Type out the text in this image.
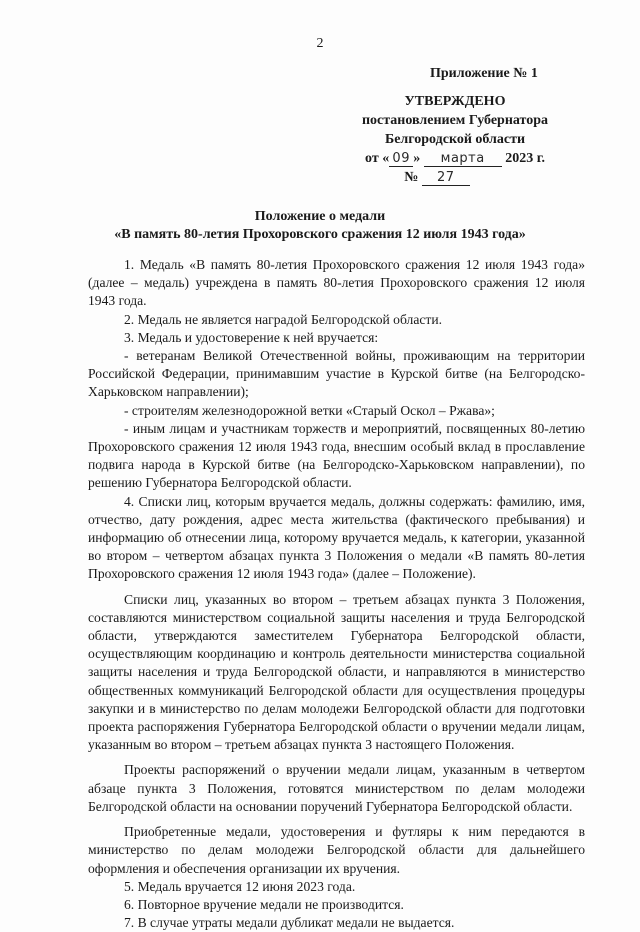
2
Приложение № 1
УТВЕРЖДЕНО
постановлением Губернатора
Белгородской области
от « 09 » марта 2023 г.
№ 27
Положение о медали
«В память 80-летия Прохоровского сражения 12 июля 1943 года»

1. Медаль «В память 80-летия Прохоровского сражения 12 июля 1943 года» (далее – медаль) учреждена в память 80-летия Прохоровского сражения 12 июля 1943 года.

2. Медаль не является наградой Белгородской области.

3. Медаль и удостоверение к ней вручается:

- ветеранам Великой Отечественной войны, проживающим на территории Российской Федерации, принимавшим участие в Курской битве (на Белгородско-Харьковском направлении);

- строителям железнодорожной ветки «Старый Оскол – Ржава»;

- иным лицам и участникам торжеств и мероприятий, посвященных 80-летию Прохоровского сражения 12 июля 1943 года, внесшим особый вклад в прославление подвига народа в Курской битве (на Белгородско-Харьковском направлении), по решению Губернатора Белгородской области.

4. Списки лиц, которым вручается медаль, должны содержать: фамилию, имя, отчество, дату рождения, адрес места жительства (фактического пребывания) и информацию об отнесении лица, которому вручается медаль, к категории, указанной во втором – четвертом абзацах пункта 3 Положения о медали «В память 80-летия Прохоровского сражения 12 июля 1943 года» (далее – Положение).

Списки лиц, указанных во втором – третьем абзацах пункта 3 Положения, составляются министерством социальной защиты населения и труда Белгородской области, утверждаются заместителем Губернатора Белгородской области, осуществляющим координацию и контроль деятельности министерства социальной защиты населения и труда Белгородской области, и направляются в министерство общественных коммуникаций Белгородской области для осуществления процедуры закупки и в министерство по делам молодежи Белгородской области для подготовки проекта распоряжения Губернатора Белгородской области о вручении медали лицам, указанным во втором – третьем абзацах пункта 3 настоящего Положения.

Проекты распоряжений о вручении медали лицам, указанным в четвертом абзаце пункта 3 Положения, готовятся министерством по делам молодежи Белгородской области на основании поручений Губернатора Белгородской области.

Приобретенные медали, удостоверения и футляры к ним передаются в министерство по делам молодежи Белгородской области для дальнейшего оформления и обеспечения организации их вручения.

5. Медаль вручается 12 июня 2023 года.

6. Повторное вручение медали не производится.

7. В случае утраты медали дубликат медали не выдается.
